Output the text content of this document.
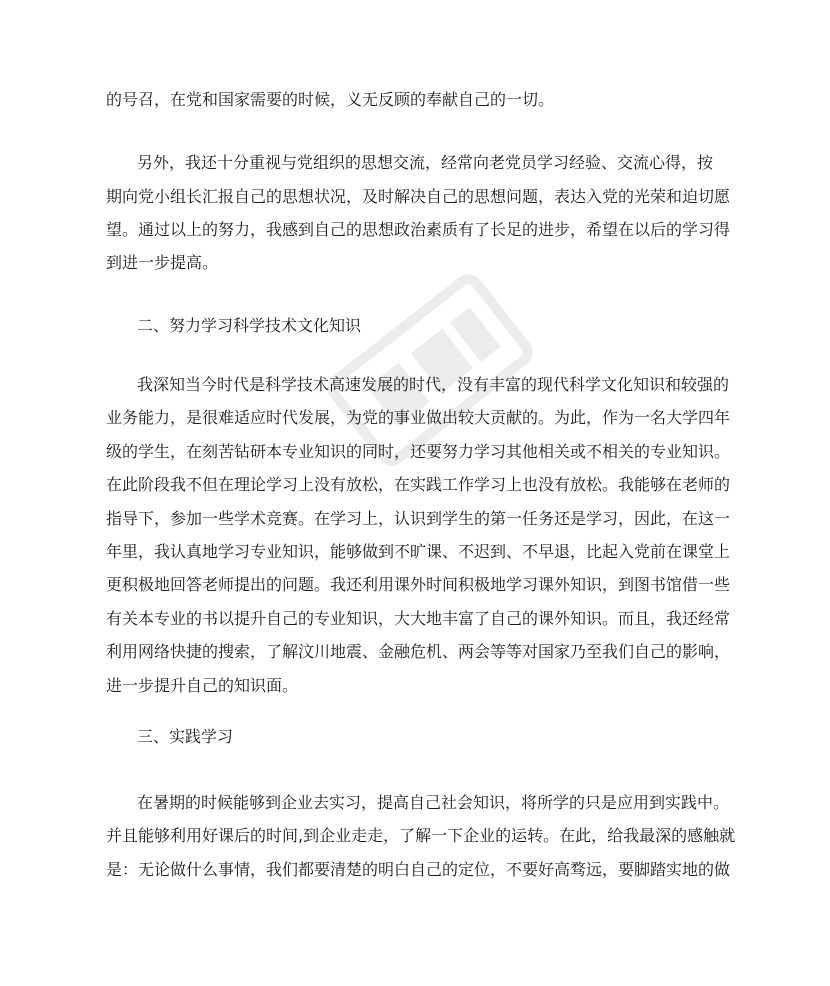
的号召，在党和国家需要的时候，义无反顾的奉献自己的一切。
另外，我还十分重视与党组织的思想交流，经常向老党员学习经验、交流心得，按
期向党小组长汇报自己的思想状况，及时解决自己的思想问题，表达入党的光荣和迫切愿
望。通过以上的努力，我感到自己的思想政治素质有了长足的进步，希望在以后的学习得
到进一步提高。
二、努力学习科学技术文化知识
我深知当今时代是科学技术高速发展的时代，没有丰富的现代科学文化知识和较强的
业务能力，是很难适应时代发展，为党的事业做出较大贡献的。为此，作为一名大学四年
级的学生，在刻苦钻研本专业知识的同时，还要努力学习其他相关或不相关的专业知识。
在此阶段我不但在理论学习上没有放松，在实践工作学习上也没有放松。我能够在老师的
指导下，参加一些学术竞赛。在学习上，认识到学生的第一任务还是学习，因此，在这一
年里，我认真地学习专业知识，能够做到不旷课、不迟到、不早退，比起入党前在课堂上
更积极地回答老师提出的问题。我还利用课外时间积极地学习课外知识，到图书馆借一些
有关本专业的书以提升自己的专业知识，大大地丰富了自己的课外知识。而且，我还经常
利用网络快捷的搜索，了解汶川地震、金融危机、两会等等对国家乃至我们自己的影响，
进一步提升自己的知识面。
三、实践学习
在暑期的时候能够到企业去实习，提高自己社会知识，将所学的只是应用到实践中。
并且能够利用好课后的时间,到企业走走，了解一下企业的运转。在此，给我最深的感触就
是：无论做什么事情，我们都要清楚的明白自己的定位，不要好高骛远，要脚踏实地的做
